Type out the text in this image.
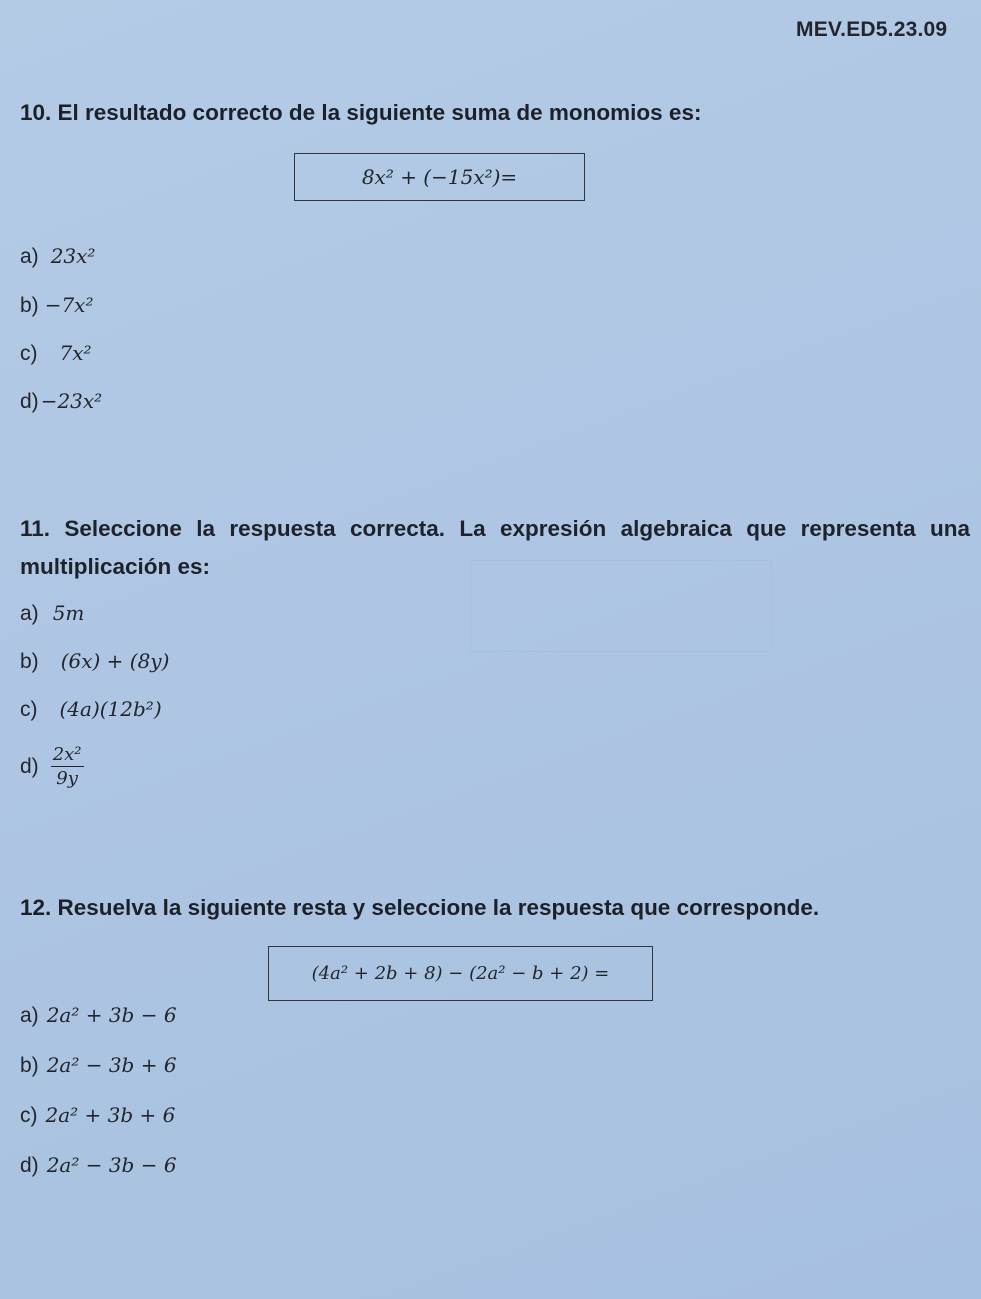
MEV.ED5.23.09
10. El resultado correcto de la siguiente suma de monomios es:
8x² + (−15x²)=
a) 23x²
b) −7x²
c) 7x²
d) −23x²
11. Seleccione la respuesta correcta. La expresión algebraica que representa una multiplicación es:
a) 5m
b) (6x) + (8y)
c) (4a)(12b²)
$d) \frac{\text{2x²}}{9y}$
12. Resuelva la siguiente resta y seleccione la respuesta que corresponde.
(4a² + 2b + 8) − (2a² − b + 2) =
a) 2a² + 3b − 6
b) 2a² − 3b + 6
c) 2a² + 3b + 6
d) 2a² − 3b − 6
